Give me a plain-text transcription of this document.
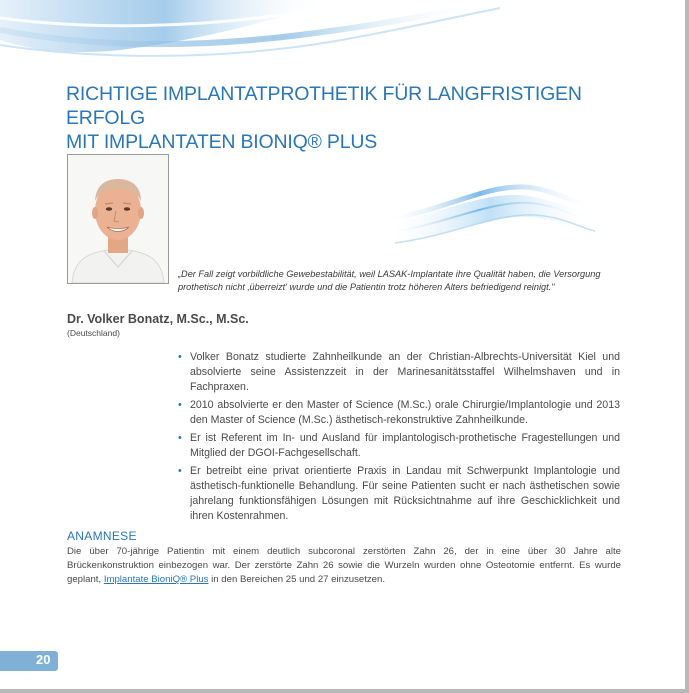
RICHTIGE IMPLANTATPROTHETIK FÜR LANGFRISTIGEN ERFOLG
MIT IMPLANTATEN BIONIQ® PLUS
„Der Fall zeigt vorbildliche Gewebestabilität, weil LASAK-Implantate ihre Qualität haben, die Versorgung prothetisch nicht ‚überreizt' wurde und die Patientin trotz höheren Alters befriedigend reinigt."
Dr. Volker Bonatz, M.Sc., M.Sc.
(Deutschland)
• Volker Bonatz studierte Zahnheilkunde an der Christian-Albrechts-Universität Kiel und absolvierte seine Assistenzzeit in der Marinesanitätsstaffel Wilhelmshaven und in Fachpraxen.
• 2010 absolvierte er den Master of Science (M.Sc.) orale Chirurgie/Implantologie und 2013 den Master of Science (M.Sc.) ästhetisch-rekonstruktive Zahnheilkunde.
• Er ist Referent im In- und Ausland für implantologisch-prothetische Fragestellungen und Mitglied der DGOI-Fachgesellschaft.
• Er betreibt eine privat orientierte Praxis in Landau mit Schwerpunkt Implantologie und ästhetisch-funktionelle Behandlung. Für seine Patienten sucht er nach ästhetischen sowie jahrelang funktionsfähigen Lösungen mit Rücksichtnahme auf ihre Geschicklichkeit und ihren Kostenrahmen.
ANAMNESE
Die über 70-jährige Patientin mit einem deutlich subcoronal zerstörten Zahn 26, der in eine über 30 Jahre alte Brückenkonstruktion einbezogen war. Der zerstörte Zahn 26 sowie die Wurzeln wurden ohne Osteotomie entfernt. Es wurde geplant, Implantate BioniQ® Plus in den Bereichen 25 und 27 einzusetzen.
20
